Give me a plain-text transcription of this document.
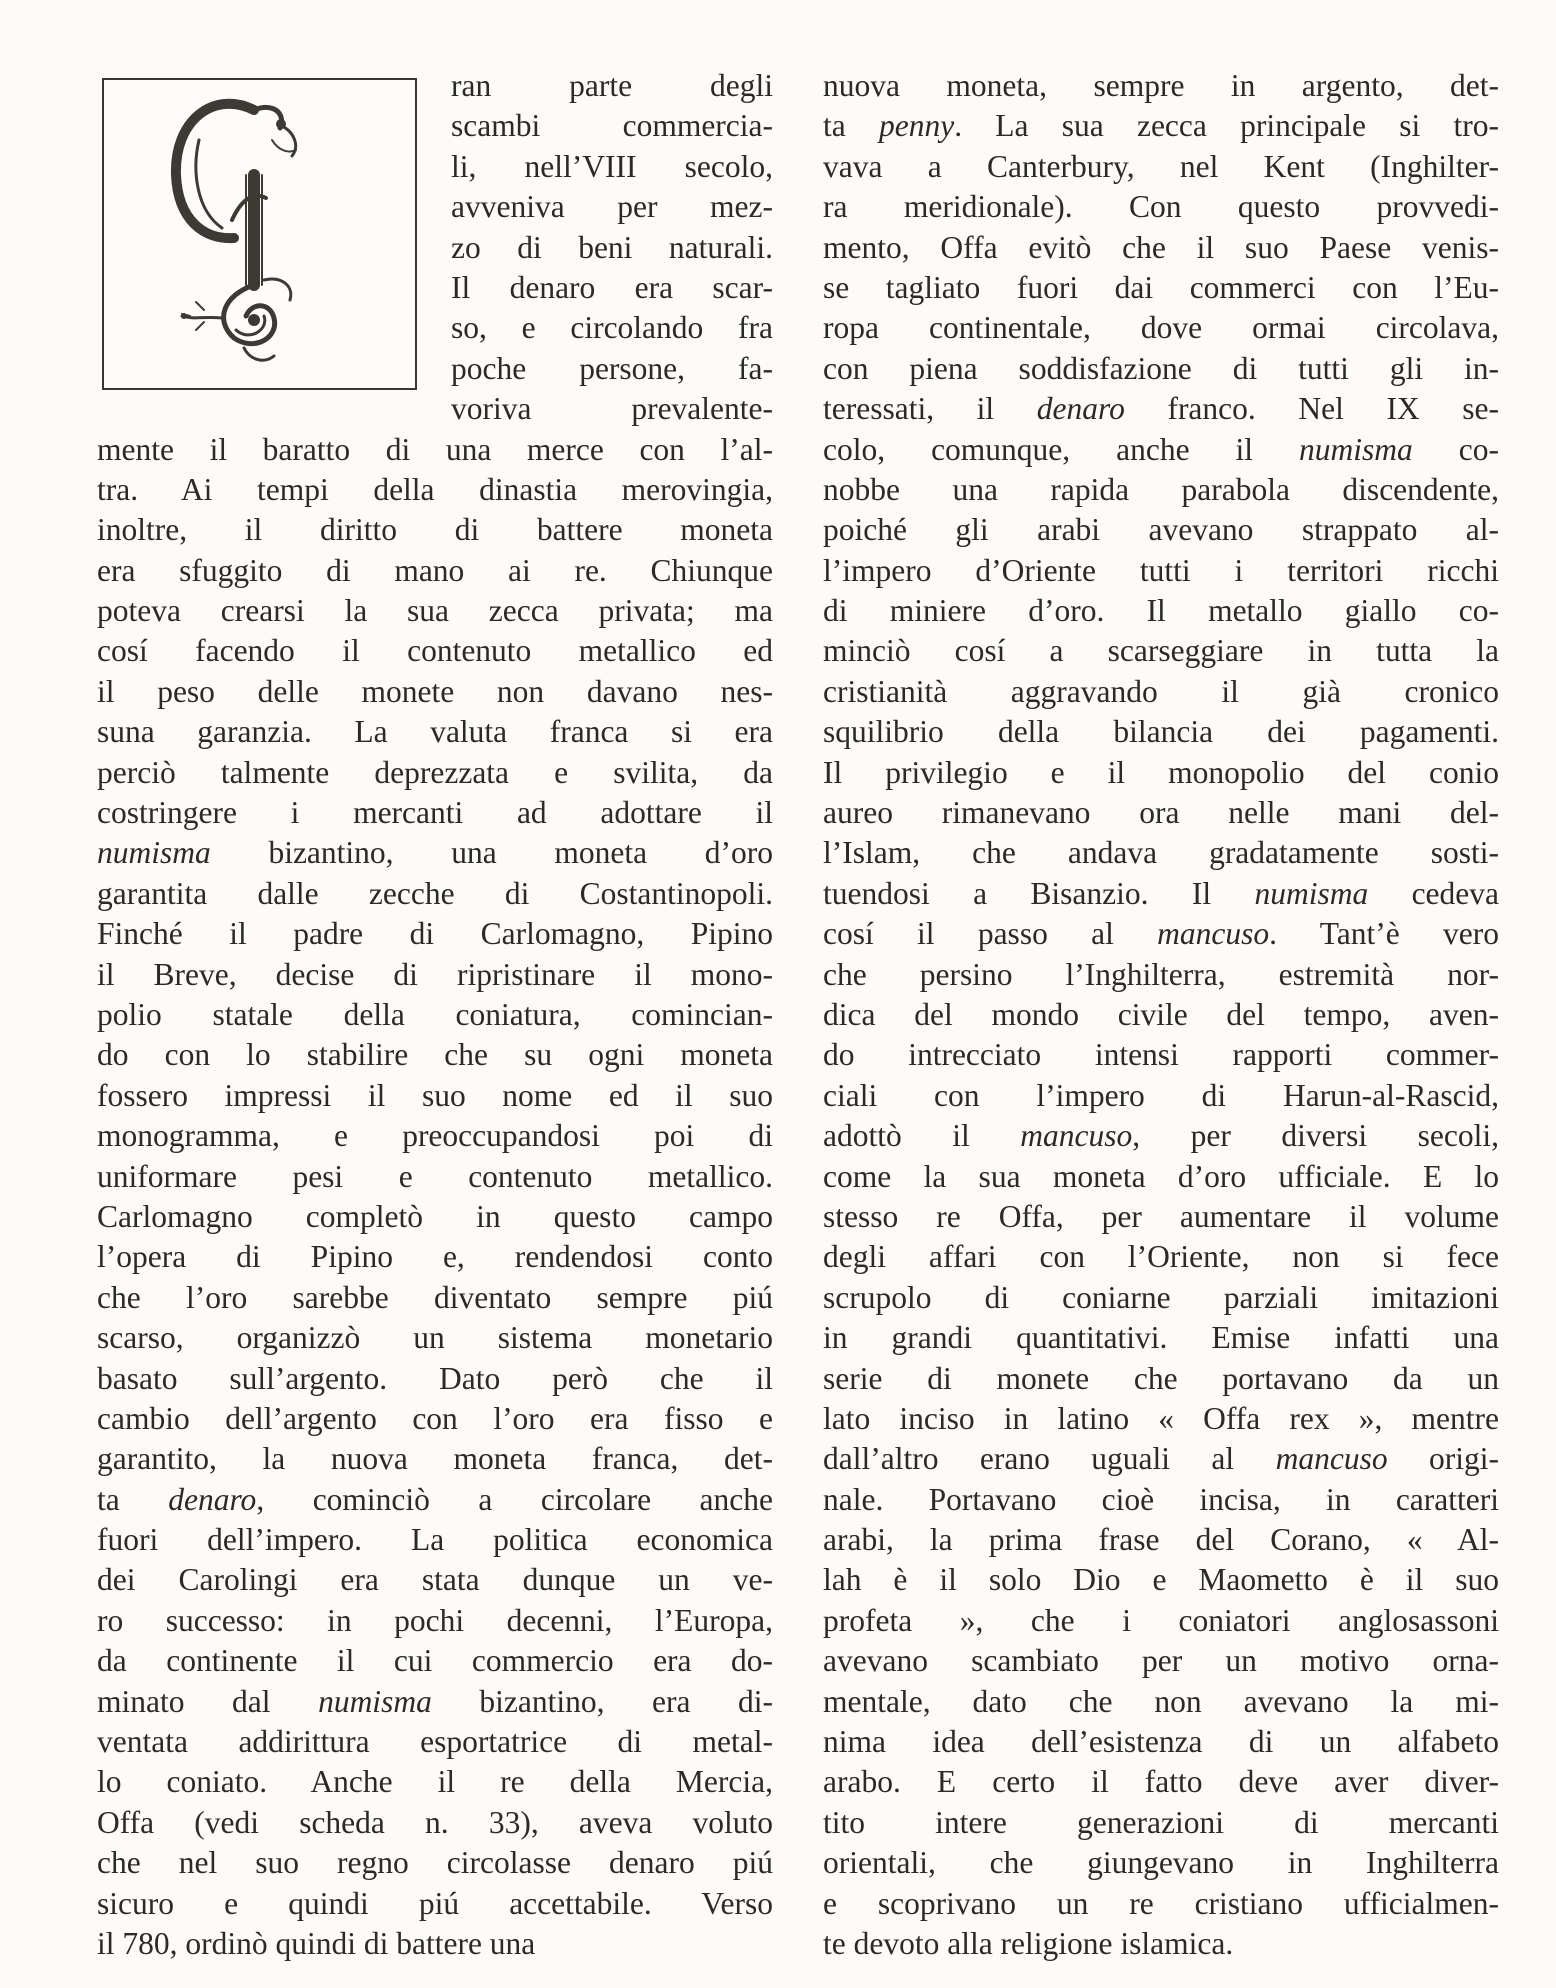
ran parte degli
scambi commercia-
li, nell’VIII secolo,
avveniva per mez-
zo di beni naturali.
Il denaro era scar-
so, e circolando fra
poche persone, fa-
voriva prevalente-
mente il baratto di una merce con l’al-
tra. Ai tempi della dinastia merovingia,
inoltre, il diritto di battere moneta
era sfuggito di mano ai re. Chiunque
poteva crearsi la sua zecca privata; ma
cosí facendo il contenuto metallico ed
il peso delle monete non davano nes-
suna garanzia. La valuta franca si era
perciò talmente deprezzata e svilita, da
costringere i mercanti ad adottare il
numisma bizantino, una moneta d’oro
garantita dalle zecche di Costantinopoli.
Finché il padre di Carlomagno, Pipino
il Breve, decise di ripristinare il mono-
polio statale della coniatura, comincian-
do con lo stabilire che su ogni moneta
fossero impressi il suo nome ed il suo
monogramma, e preoccupandosi poi di
uniformare pesi e contenuto metallico.
Carlomagno completò in questo campo
l’opera di Pipino e, rendendosi conto
che l’oro sarebbe diventato sempre piú
scarso, organizzò un sistema monetario
basato sull’argento. Dato però che il
cambio dell’argento con l’oro era fisso e
garantito, la nuova moneta franca, det-
ta denaro, cominciò a circolare anche
fuori dell’impero. La politica economica
dei Carolingi era stata dunque un ve-
ro successo: in pochi decenni, l’Europa,
da continente il cui commercio era do-
minato dal numisma bizantino, era di-
ventata addirittura esportatrice di metal-
lo coniato. Anche il re della Mercia,
Offa (vedi scheda n. 33), aveva voluto
che nel suo regno circolasse denaro piú
sicuro e quindi piú accettabile. Verso
il 780, ordinò quindi di battere una
nuova moneta, sempre in argento, det-
ta penny. La sua zecca principale si tro-
vava a Canterbury, nel Kent (Inghilter-
ra meridionale). Con questo provvedi-
mento, Offa evitò che il suo Paese venis-
se tagliato fuori dai commerci con l’Eu-
ropa continentale, dove ormai circolava,
con piena soddisfazione di tutti gli in-
teressati, il denaro franco. Nel IX se-
colo, comunque, anche il numisma co-
nobbe una rapida parabola discendente,
poiché gli arabi avevano strappato al-
l’impero d’Oriente tutti i territori ricchi
di miniere d’oro. Il metallo giallo co-
minciò cosí a scarseggiare in tutta la
cristianità aggravando il già cronico
squilibrio della bilancia dei pagamenti.
Il privilegio e il monopolio del conio
aureo rimanevano ora nelle mani del-
l’Islam, che andava gradatamente sosti-
tuendosi a Bisanzio. Il numisma cedeva
cosí il passo al mancuso. Tant’è vero
che persino l’Inghilterra, estremità nor-
dica del mondo civile del tempo, aven-
do intrecciato intensi rapporti commer-
ciali con l’impero di Harun-al-Rascid,
adottò il mancuso, per diversi secoli,
come la sua moneta d’oro ufficiale. E lo
stesso re Offa, per aumentare il volume
degli affari con l’Oriente, non si fece
scrupolo di coniarne parziali imitazioni
in grandi quantitativi. Emise infatti una
serie di monete che portavano da un
lato inciso in latino « Offa rex », mentre
dall’altro erano uguali al mancuso origi-
nale. Portavano cioè incisa, in caratteri
arabi, la prima frase del Corano, « Al-
lah è il solo Dio e Maometto è il suo
profeta », che i coniatori anglosassoni
avevano scambiato per un motivo orna-
mentale, dato che non avevano la mi-
nima idea dell’esistenza di un alfabeto
arabo. E certo il fatto deve aver diver-
tito intere generazioni di mercanti
orientali, che giungevano in Inghilterra
e scoprivano un re cristiano ufficialmen-
te devoto alla religione islamica.
